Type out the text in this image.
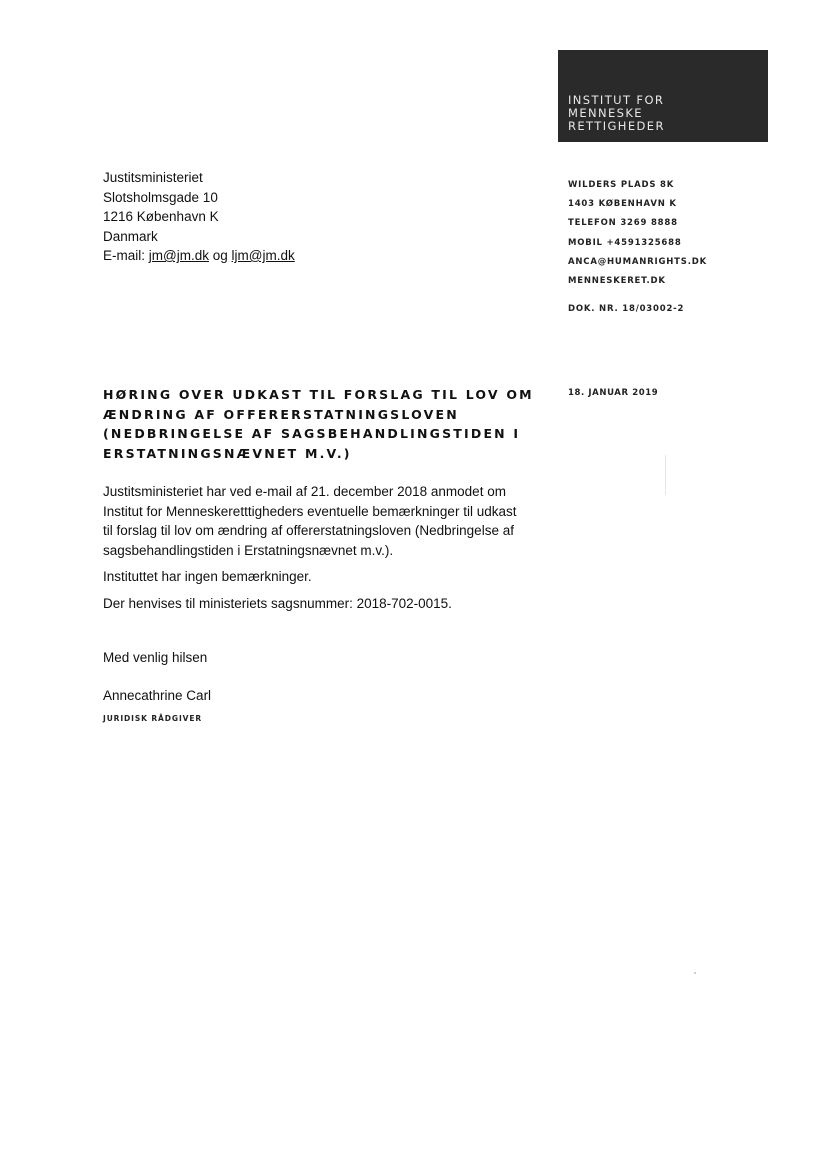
INSTITUT FOR
MENNESKE
RETTIGHEDER
Justitsministeriet
Slotsholmsgade 10
1216 København K
Danmark
E-mail: jm@jm.dk og ljm@jm.dk
WILDERS PLADS 8K
1403 KØBENHAVN K
TELEFON 3269 8888
MOBIL +4591325688
ANCA@HUMANRIGHTS.DK
MENNESKERET.DK
DOK. NR. 18/03002-2
HØRING OVER UDKAST TIL FORSLAG TIL LOV OM
ÆNDRING AF OFFERERSTATNINGSLOVEN
(NEDBRINGELSE AF SAGSBEHANDLINGSTIDEN I
ERSTATNINGSNÆVNET M.V.)
18. JANUAR 2019

Justitsministeriet har ved e-mail af 21. december 2018 anmodet om
Institut for Menneskeretttigheders eventuelle bemærkninger til udkast
til forslag til lov om ændring af offererstatningsloven (Nedbringelse af
sagsbehandlingstiden i Erstatningsnævnet m.v.).

Instituttet har ingen bemærkninger.

Der henvises til ministeriets sagsnummer: 2018-702-0015.

Med venlig hilsen
Annecathrine Carl
JURIDISK RÅDGIVER
